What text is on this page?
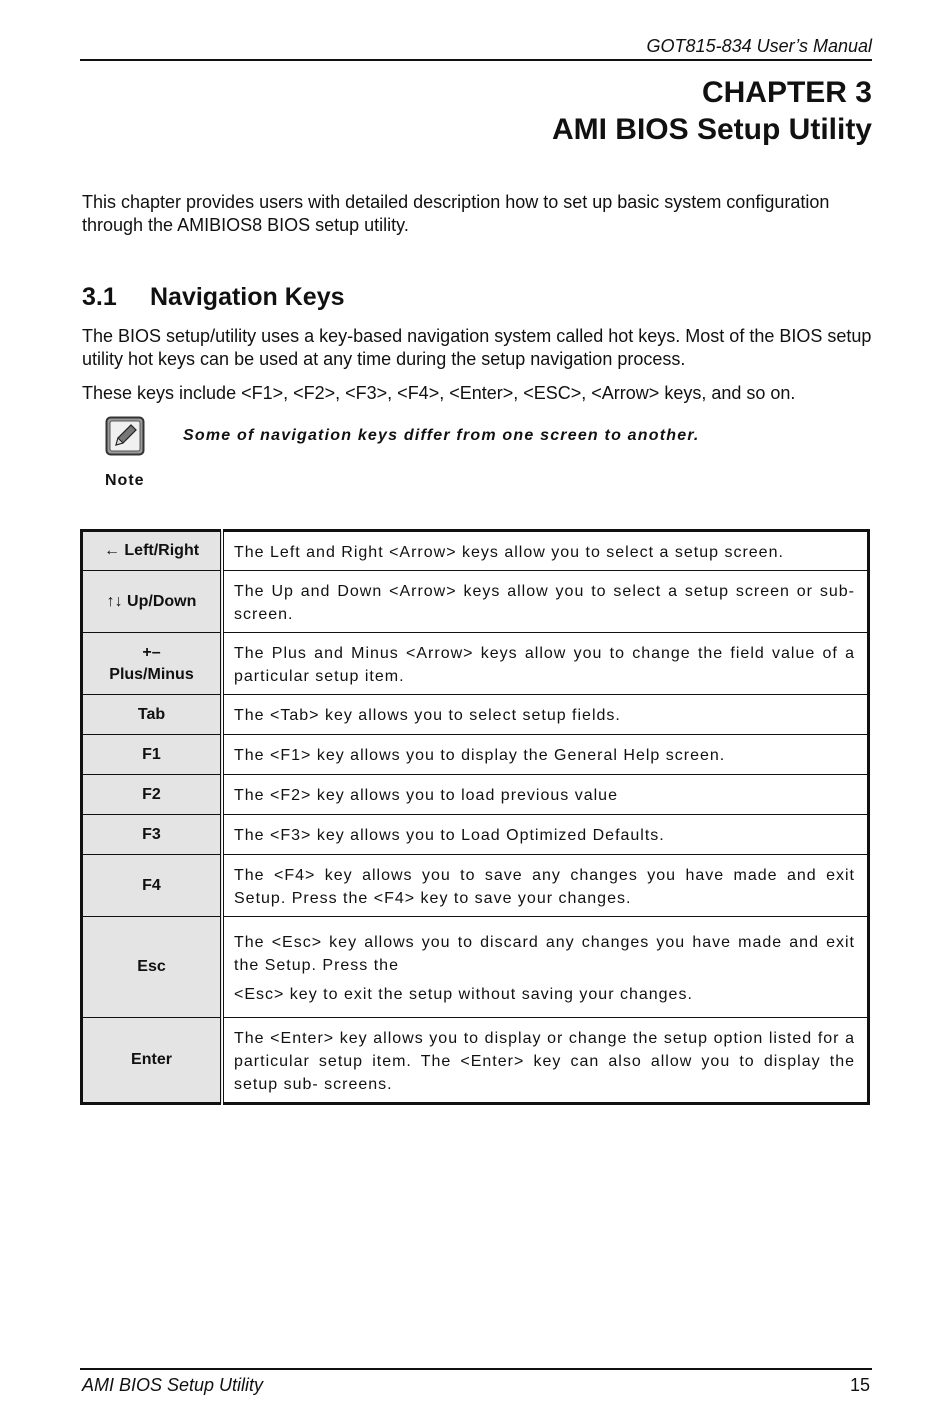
GOT815-834 User’s Manual
CHAPTER 3
AMI BIOS Setup Utility
This chapter provides users with detailed description how to set up basic system configuration through the AMIBIOS8 BIOS setup utility.
3.1 Navigation Keys
The BIOS setup/utility uses a key-based navigation system called hot keys. Most of the BIOS setup utility hot keys can be used at any time during the setup navigation process.
These keys include <F1>, <F2>, <F3>, <F4>, <Enter>, <ESC>, <Arrow> keys, and so on.
Some of navigation keys differ from one screen to another.
Note
← Left/Right	The Left and Right <Arrow> keys allow you to select a setup screen.

↑↓ Up/Down	The Up and Down <Arrow> keys allow you to select a setup screen or sub-screen.

+–
Plus/Minus	The Plus and Minus <Arrow> keys allow you to change the field value of a particular setup item.

Tab	The <Tab> key allows you to select setup fields.

F1	The <F1> key allows you to display the General Help screen.

F2	The <F2> key allows you to load previous value

F3	The <F3> key allows you to Load Optimized Defaults.

F4	The <F4> key allows you to save any changes you have made and exit Setup. Press the <F4> key to save your changes.

Esc	The <Esc> key allows you to discard any changes you have made and exit the Setup. Press the
<Esc> key to exit the setup without saving your changes.

Enter	The <Enter> key allows you to display or change the setup option listed for a particular setup item. The <Enter> key can also allow you to display the setup sub- screens.
AMI BIOS Setup Utility	15
